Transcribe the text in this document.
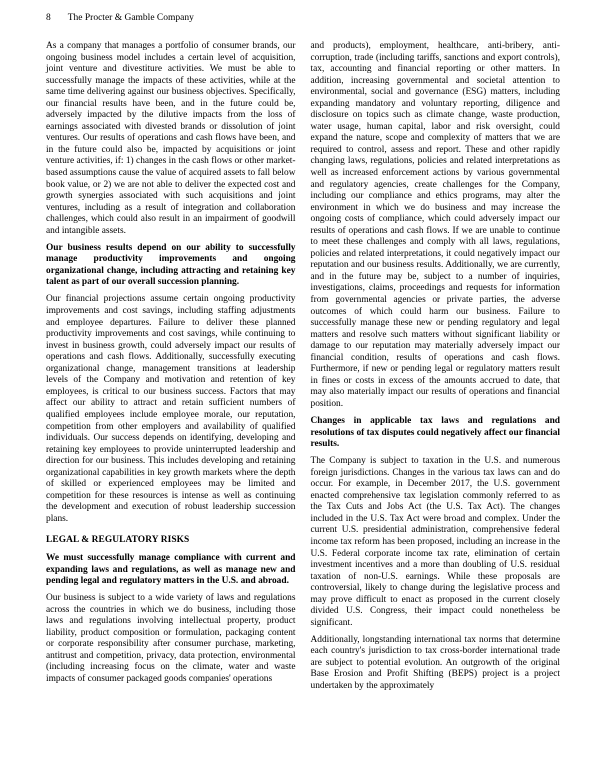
8 The Procter & Gamble Company

As a company that manages a portfolio of consumer brands, our ongoing business model includes a certain level of acquisition, joint venture and divestiture activities. We must be able to successfully manage the impacts of these activities, while at the same time delivering against our business objectives. Specifically, our financial results have been, and in the future could be, adversely impacted by the dilutive impacts from the loss of earnings associated with divested brands or dissolution of joint ventures. Our results of operations and cash flows have been, and in the future could also be, impacted by acquisitions or joint venture activities, if: 1) changes in the cash flows or other market-based assumptions cause the value of acquired assets to fall below book value, or 2) we are not able to deliver the expected cost and growth synergies associated with such acquisitions and joint ventures, including as a result of integration and collaboration challenges, which could also result in an impairment of goodwill and intangible assets.

Our business results depend on our ability to successfully manage productivity improvements and ongoing organizational change, including attracting and retaining key talent as part of our overall succession planning.

Our financial projections assume certain ongoing productivity improvements and cost savings, including staffing adjustments and employee departures. Failure to deliver these planned productivity improvements and cost savings, while continuing to invest in business growth, could adversely impact our results of operations and cash flows. Additionally, successfully executing organizational change, management transitions at leadership levels of the Company and motivation and retention of key employees, is critical to our business success. Factors that may affect our ability to attract and retain sufficient numbers of qualified employees include employee morale, our reputation, competition from other employers and availability of qualified individuals. Our success depends on identifying, developing and retaining key employees to provide uninterrupted leadership and direction for our business. This includes developing and retaining organizational capabilities in key growth markets where the depth of skilled or experienced employees may be limited and competition for these resources is intense as well as continuing the development and execution of robust leadership succession plans.

LEGAL & REGULATORY RISKS

We must successfully manage compliance with current and expanding laws and regulations, as well as manage new and pending legal and regulatory matters in the U.S. and abroad.

Our business is subject to a wide variety of laws and regulations across the countries in which we do business, including those laws and regulations involving intellectual property, product liability, product composition or formulation, packaging content or corporate responsibility after consumer purchase, marketing, antitrust and competition, privacy, data protection, environmental (including increasing focus on the climate, water and waste impacts of consumer packaged goods companies' operations

and products), employment, healthcare, anti-bribery, anti-corruption, trade (including tariffs, sanctions and export controls), tax, accounting and financial reporting or other matters. In addition, increasing governmental and societal attention to environmental, social and governance (ESG) matters, including expanding mandatory and voluntary reporting, diligence and disclosure on topics such as climate change, waste production, water usage, human capital, labor and risk oversight, could expand the nature, scope and complexity of matters that we are required to control, assess and report. These and other rapidly changing laws, regulations, policies and related interpretations as well as increased enforcement actions by various governmental and regulatory agencies, create challenges for the Company, including our compliance and ethics programs, may alter the environment in which we do business and may increase the ongoing costs of compliance, which could adversely impact our results of operations and cash flows. If we are unable to continue to meet these challenges and comply with all laws, regulations, policies and related interpretations, it could negatively impact our reputation and our business results. Additionally, we are currently, and in the future may be, subject to a number of inquiries, investigations, claims, proceedings and requests for information from governmental agencies or private parties, the adverse outcomes of which could harm our business. Failure to successfully manage these new or pending regulatory and legal matters and resolve such matters without significant liability or damage to our reputation may materially adversely impact our financial condition, results of operations and cash flows. Furthermore, if new or pending legal or regulatory matters result in fines or costs in excess of the amounts accrued to date, that may also materially impact our results of operations and financial position.

Changes in applicable tax laws and regulations and resolutions of tax disputes could negatively affect our financial results.

The Company is subject to taxation in the U.S. and numerous foreign jurisdictions. Changes in the various tax laws can and do occur. For example, in December 2017, the U.S. government enacted comprehensive tax legislation commonly referred to as the Tax Cuts and Jobs Act (the U.S. Tax Act). The changes included in the U.S. Tax Act were broad and complex. Under the current U.S. presidential administration, comprehensive federal income tax reform has been proposed, including an increase in the U.S. Federal corporate income tax rate, elimination of certain investment incentives and a more than doubling of U.S. residual taxation of non-U.S. earnings. While these proposals are controversial, likely to change during the legislative process and may prove difficult to enact as proposed in the current closely divided U.S. Congress, their impact could nonetheless be significant.

Additionally, longstanding international tax norms that determine each country's jurisdiction to tax cross-border international trade are subject to potential evolution. An outgrowth of the original Base Erosion and Profit Shifting (BEPS) project is a project undertaken by the approximately
